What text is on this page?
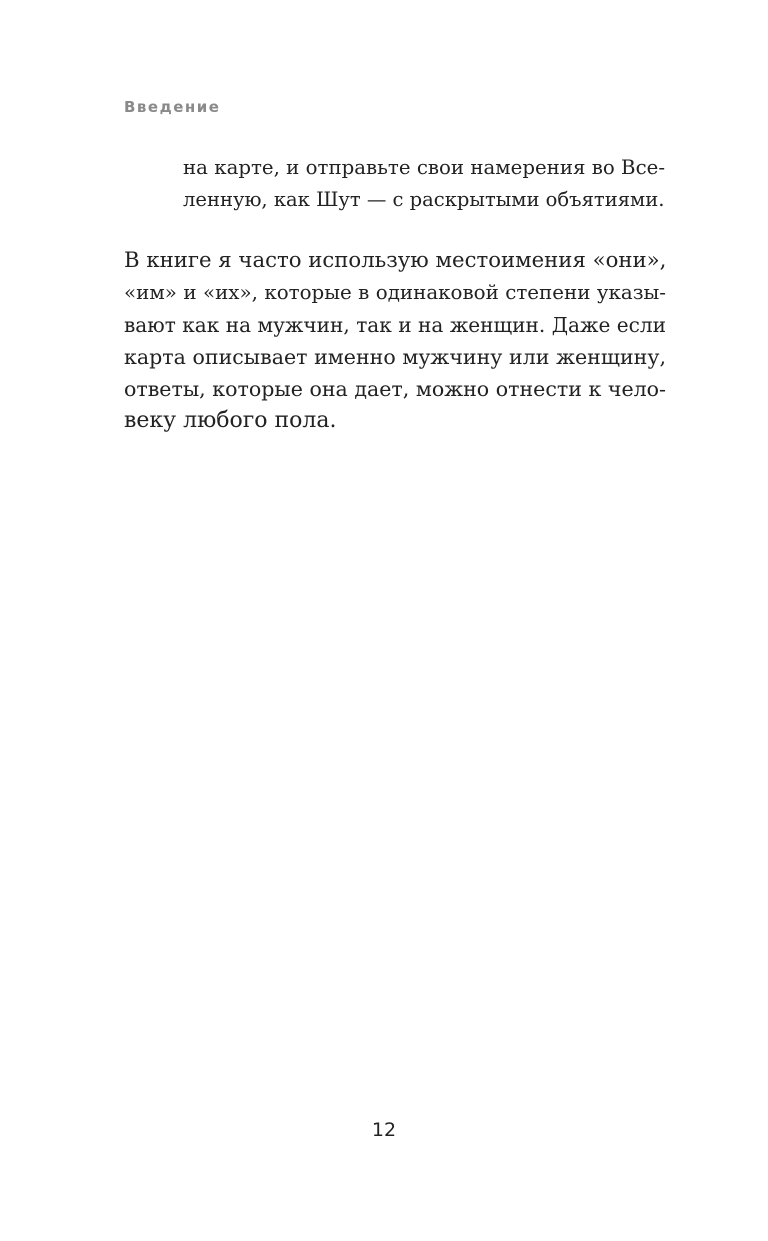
Введение
на карте, и отправьте свои намерения во Все-
ленную, как Шут — с раскрытыми объятиями.
В книге я часто использую местоимения «они»,
«им» и «их», которые в одинаковой степени указы-
вают как на мужчин, так и на женщин. Даже если
карта описывает именно мужчину или женщину,
ответы, которые она дает, можно отнести к чело-
веку любого пола.
12
